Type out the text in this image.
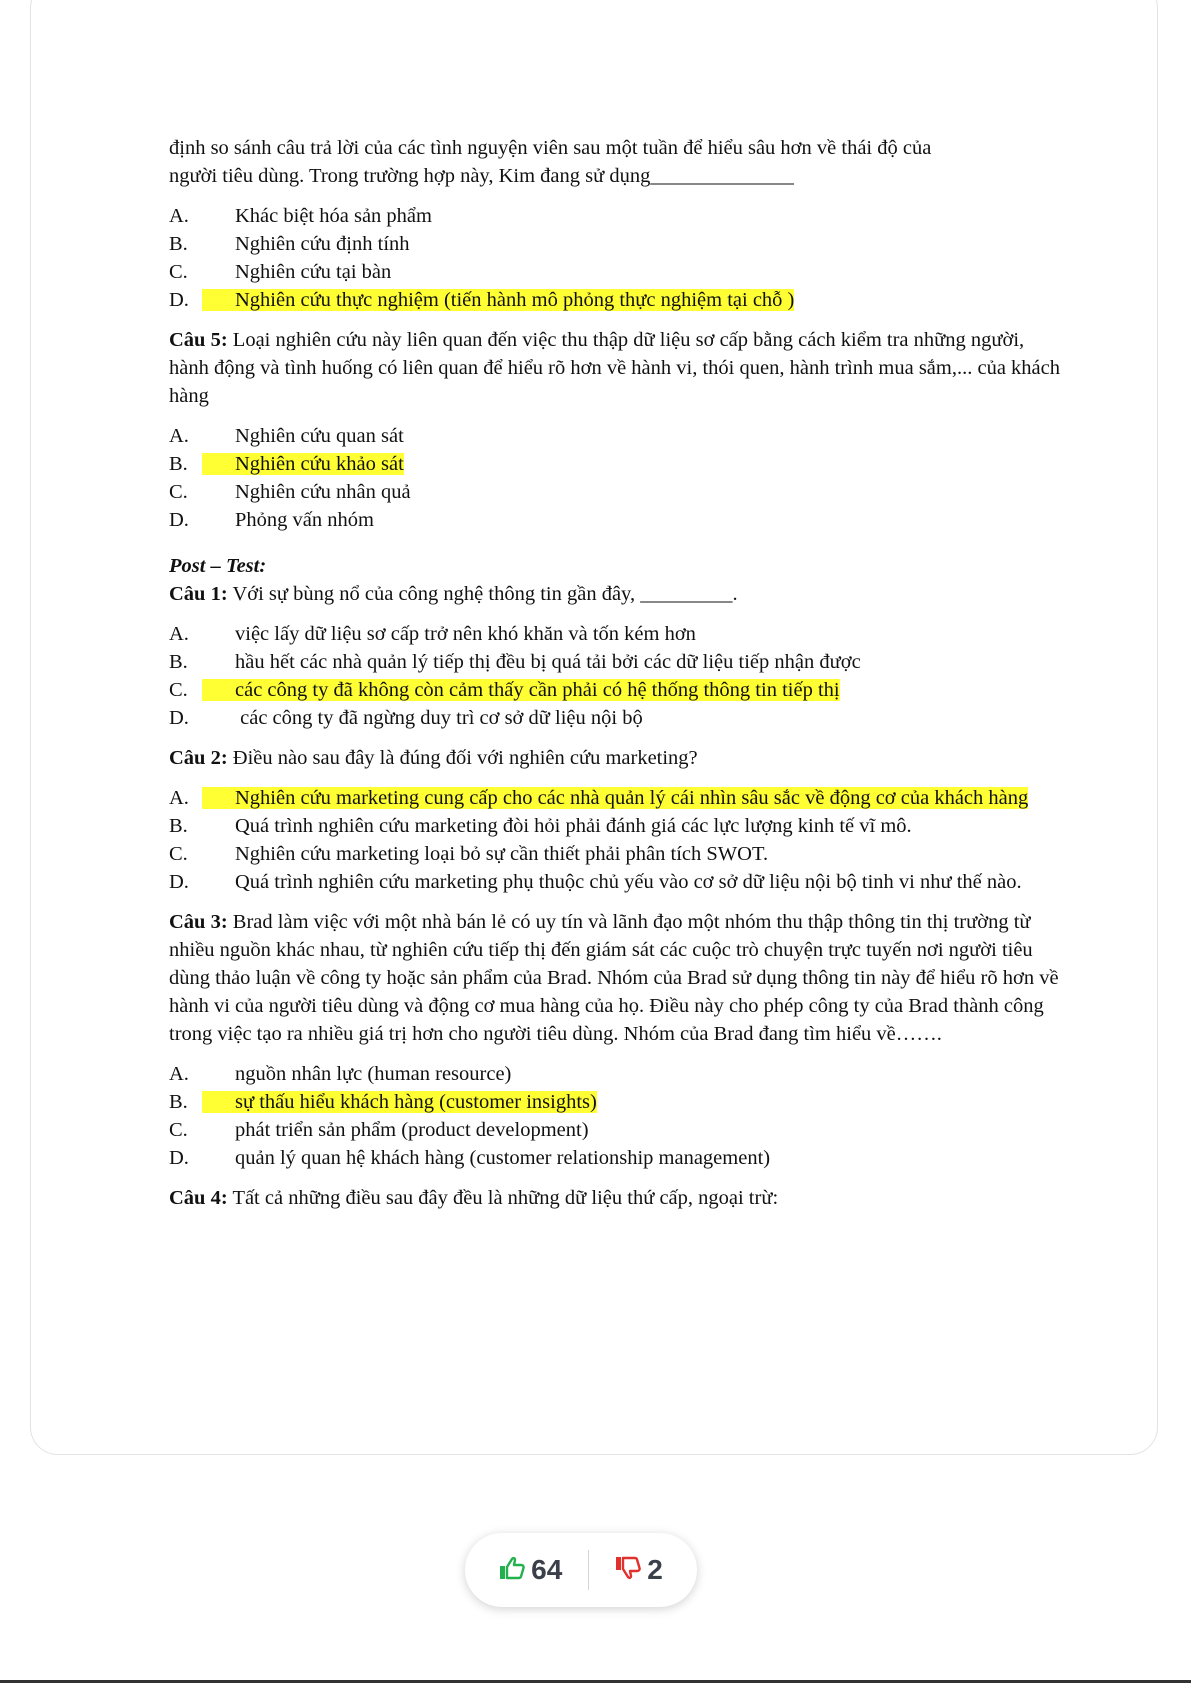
định so sánh câu trả lời của các tình nguyện viên sau một tuần để hiểu sâu hơn về thái độ của

người tiêu dùng. Trong trường hợp này, Kim đang sử dụng______________

A. Khác biệt hóa sản phẩm
B. Nghiên cứu định tính
C. Nghiên cứu tại bàn
D. Nghiên cứu thực nghiệm (tiến hành mô phỏng thực nghiệm tại chỗ )

Câu 5: Loại nghiên cứu này liên quan đến việc thu thập dữ liệu sơ cấp bằng cách kiểm tra những người, hành động và tình huống có liên quan để hiểu rõ hơn về hành vi, thói quen, hành trình mua sắm,... của khách hàng

A. Nghiên cứu quan sát
B. Nghiên cứu khảo sát
C. Nghiên cứu nhân quả
D. Phỏng vấn nhóm

Post – Test:

Câu 1: Với sự bùng nổ của công nghệ thông tin gần đây, _________.

A. việc lấy dữ liệu sơ cấp trở nên khó khăn và tốn kém hơn
B. hầu hết các nhà quản lý tiếp thị đều bị quá tải bởi các dữ liệu tiếp nhận được
C. các công ty đã không còn cảm thấy cần phải có hệ thống thông tin tiếp thị
D. các công ty đã ngừng duy trì cơ sở dữ liệu nội bộ

Câu 2: Điều nào sau đây là đúng đối với nghiên cứu marketing?

A. Nghiên cứu marketing cung cấp cho các nhà quản lý cái nhìn sâu sắc về động cơ của khách hàng
B. Quá trình nghiên cứu marketing đòi hỏi phải đánh giá các lực lượng kinh tế vĩ mô.
C. Nghiên cứu marketing loại bỏ sự cần thiết phải phân tích SWOT.
D. Quá trình nghiên cứu marketing phụ thuộc chủ yếu vào cơ sở dữ liệu nội bộ tinh vi như thế nào.

Câu 3: Brad làm việc với một nhà bán lẻ có uy tín và lãnh đạo một nhóm thu thập thông tin thị trường từ nhiều nguồn khác nhau, từ nghiên cứu tiếp thị đến giám sát các cuộc trò chuyện trực tuyến nơi người tiêu dùng thảo luận về công ty hoặc sản phẩm của Brad. Nhóm của Brad sử dụng thông tin này để hiểu rõ hơn về hành vi của người tiêu dùng và động cơ mua hàng của họ. Điều này cho phép công ty của Brad thành công trong việc tạo ra nhiều giá trị hơn cho người tiêu dùng. Nhóm của Brad đang tìm hiểu về…….

A. nguồn nhân lực (human resource)
B. sự thấu hiểu khách hàng (customer insights)
C. phát triển sản phẩm (product development)
D. quản lý quan hệ khách hàng (customer relationship management)

Câu 4: Tất cả những điều sau đây đều là những dữ liệu thứ cấp, ngoại trừ:

64	2
